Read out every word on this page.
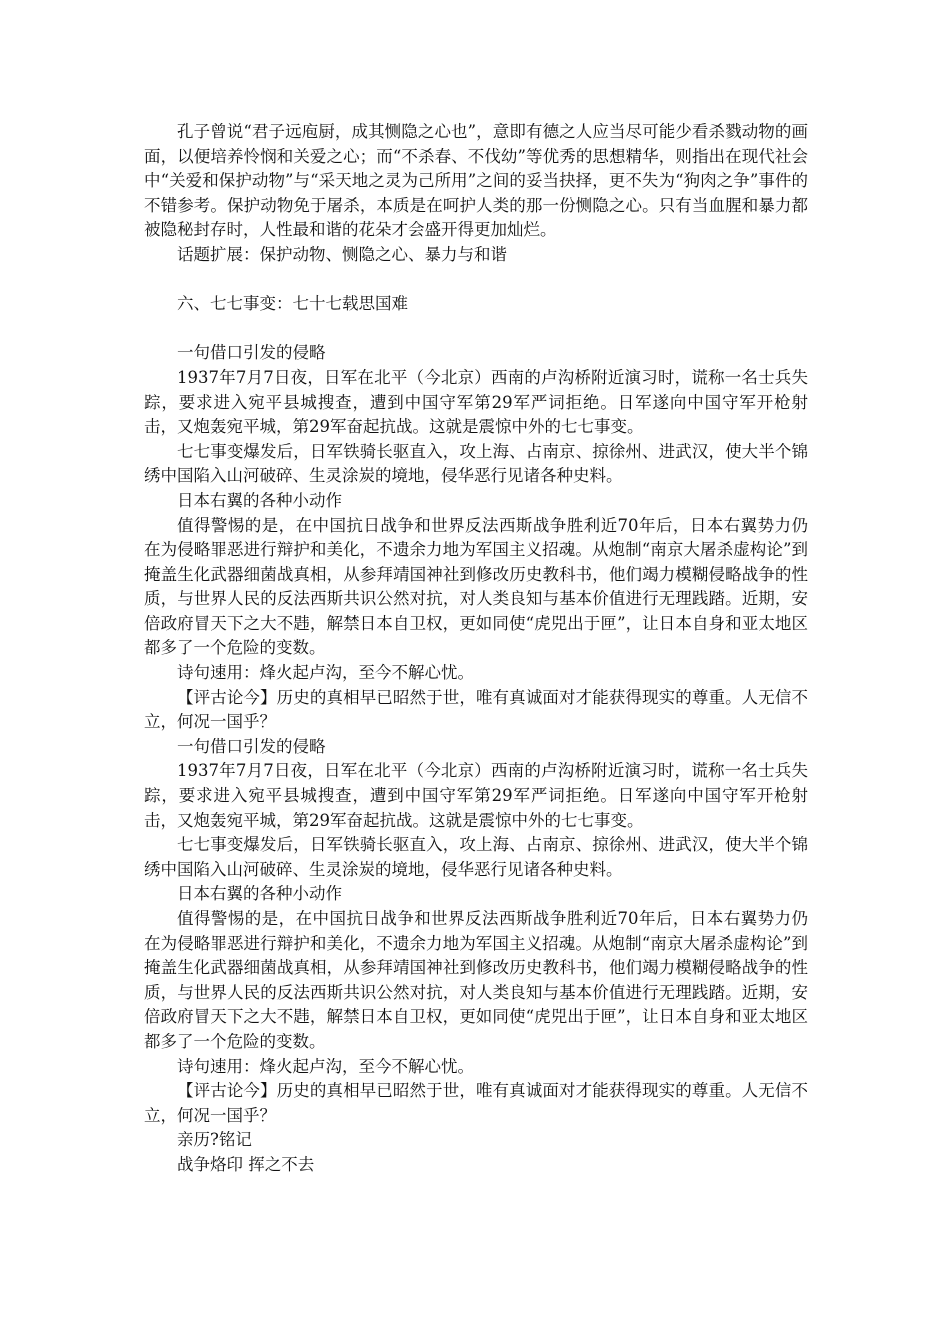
孔子曾说“君子远庖厨，成其恻隐之心也”，意即有德之人应当尽可能少看杀戮动物的画面，以便培养怜悯和关爱之心；而“不杀春、不伐幼”等优秀的思想精华，则指出在现代社会中“关爱和保护动物”与“采天地之灵为己所用”之间的妥当抉择，更不失为“狗肉之争”事件的不错参考。保护动物免于屠杀，本质是在呵护人类的那一份恻隐之心。只有当血腥和暴力都被隐秘封存时，人性最和谐的花朵才会盛开得更加灿烂。

话题扩展：保护动物、恻隐之心、暴力与和谐

六、七七事变：七十七载思国难

一句借口引发的侵略

1937年7月7日夜，日军在北平（今北京）西南的卢沟桥附近演习时，谎称一名士兵失踪，要求进入宛平县城搜查，遭到中国守军第29军严词拒绝。日军遂向中国守军开枪射击，又炮轰宛平城，第29军奋起抗战。这就是震惊中外的七七事变。

七七事变爆发后，日军铁骑长驱直入，攻上海、占南京、掠徐州、进武汉，使大半个锦绣中国陷入山河破碎、生灵涂炭的境地，侵华恶行见诸各种史料。

日本右翼的各种小动作

值得警惕的是，在中国抗日战争和世界反法西斯战争胜利近70年后，日本右翼势力仍在为侵略罪恶进行辩护和美化，不遗余力地为军国主义招魂。从炮制“南京大屠杀虚构论”到掩盖生化武器细菌战真相，从参拜靖国神社到修改历史教科书，他们竭力模糊侵略战争的性质，与世界人民的反法西斯共识公然对抗，对人类良知与基本价值进行无理践踏。近期，安倍政府冒天下之大不韪，解禁日本自卫权，更如同使“虎兕出于匣”，让日本自身和亚太地区都多了一个危险的变数。

诗句速用：烽火起卢沟，至今不解心忧。

【评古论今】历史的真相早已昭然于世，唯有真诚面对才能获得现实的尊重。人无信不立，何况一国乎？

一句借口引发的侵略

1937年7月7日夜，日军在北平（今北京）西南的卢沟桥附近演习时，谎称一名士兵失踪，要求进入宛平县城搜查，遭到中国守军第29军严词拒绝。日军遂向中国守军开枪射击，又炮轰宛平城，第29军奋起抗战。这就是震惊中外的七七事变。

七七事变爆发后，日军铁骑长驱直入，攻上海、占南京、掠徐州、进武汉，使大半个锦绣中国陷入山河破碎、生灵涂炭的境地，侵华恶行见诸各种史料。

日本右翼的各种小动作

值得警惕的是，在中国抗日战争和世界反法西斯战争胜利近70年后，日本右翼势力仍在为侵略罪恶进行辩护和美化，不遗余力地为军国主义招魂。从炮制“南京大屠杀虚构论”到掩盖生化武器细菌战真相，从参拜靖国神社到修改历史教科书，他们竭力模糊侵略战争的性质，与世界人民的反法西斯共识公然对抗，对人类良知与基本价值进行无理践踏。近期，安倍政府冒天下之大不韪，解禁日本自卫权，更如同使“虎兕出于匣”，让日本自身和亚太地区都多了一个危险的变数。

诗句速用：烽火起卢沟，至今不解心忧。

【评古论今】历史的真相早已昭然于世，唯有真诚面对才能获得现实的尊重。人无信不立，何况一国乎？

亲历?铭记

战争烙印 挥之不去
